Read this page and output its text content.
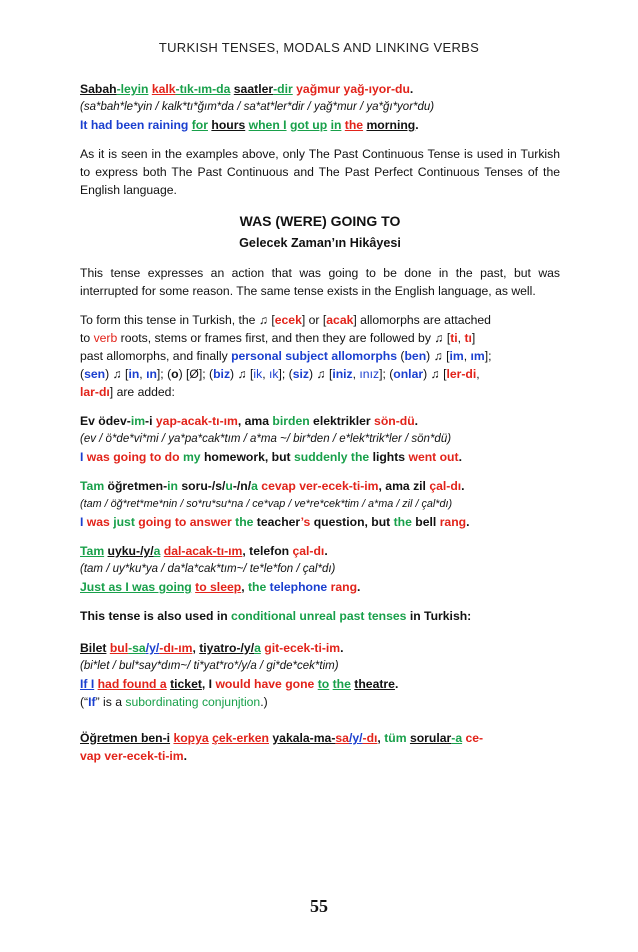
TURKISH TENSES, MODALS AND LINKING VERBS
Sabah-leyin kalk-tık-ım-da saatler-dir yağmur yağ-ıyor-du.
(sa*bah*le*yin / kalk*tı*ğım*da / sa*at*ler*dir / yağ*mur / ya*ğı*yor*du)
It had been raining for hours when I got up in the morning.

As it is seen in the examples above, only The Past Continuous Tense is used in Turkish to express both The Past Continuous and The Past Perfect Continuous Tenses of the English language.

WAS (WERE) GOING TO
Gelecek Zaman’ın Hikâyesi

This tense expresses an action that was going to be done in the past, but was interrupted for some reason. The same tense exists in the English language, as well.

To form this tense in Turkish, the ♫ [ecek] or [acak] allomorphs are attached
to verb roots, stems or frames first, and then they are followed by ♫ [ti, tı]
past allomorphs, and finally personal subject allomorphs (ben) ♫ [im, ım];
(sen) ♫ [in, ın]; (o) [Ø]; (biz) ♫ [ik, ık]; (siz) ♫ [iniz, ınız]; (onlar) ♫ [ler-di,
lar-dı] are added:
Ev ödev-im-i yap-acak-tı-ım, ama birden elektrikler sön-dü.
(ev / ö*de*vi*mi / ya*pa*cak*tım / a*ma ~/ bir*den / e*lek*trik*ler / sön*dü)
I was going to do my homework, but suddenly the lights went out.
Tam öğretmen-in soru-/s/u-/n/a cevap ver-ecek-ti-im, ama zil çal-dı.
(tam / öğ*ret*me*nin / so*ru*su*na / ce*vap / ve*re*cek*tim / a*ma / zil / çal*dı)
I was just going to answer the teacher’s question, but the bell rang.
Tam uyku-/y/a dal-acak-tı-ım, telefon çal-dı.
(tam / uy*ku*ya / da*la*cak*tım~/ te*le*fon / çal*dı)
Just as I was going to sleep, the telephone rang.

This tense is also used in conditional unreal past tenses in Turkish:

Bilet bul-sa/y/-dı-ım, tiyatro-/y/a git-ecek-ti-im.
(bi*let / bul*say*dım~/ ti*yat*ro*/y/a / gi*de*cek*tim)
If I had found a ticket, I would have gone to the theatre.
(“If” is a subordinating conjunjtion.)
Öğretmen ben-i kopya çek-erken yakala-ma-sa/y/-dı, tüm sorular-a ce-
vap ver-ecek-ti-im.
55
